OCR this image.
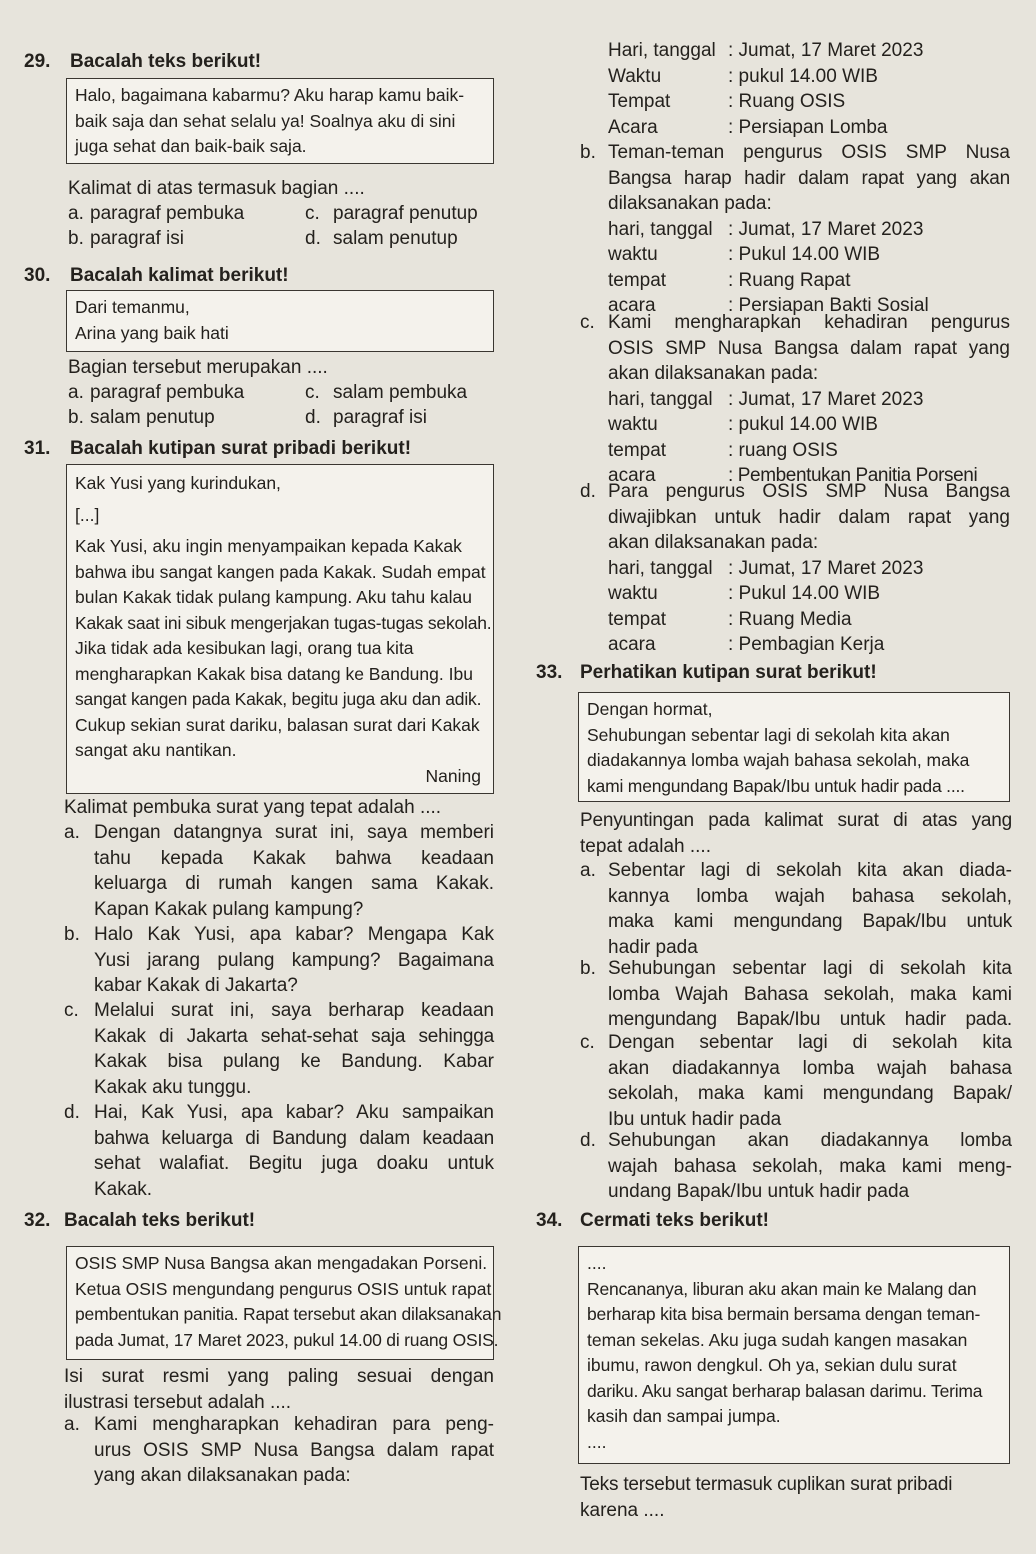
29. Bacalah teks berikut!
Halo, bagaimana kabarmu? Aku harap kamu baik-
baik saja dan sehat selalu ya! Soalnya aku di sini
juga sehat dan baik-baik saja.
Kalimat di atas termasuk bagian ....
a. paragraf pembuka	c. paragraf penutup
b. paragraf isi	d. salam penutup
30. Bacalah kalimat berikut!
Dari temanmu,
Arina yang baik hati
Bagian tersebut merupakan ....
a. paragraf pembuka	c. salam pembuka
b. salam penutup	d. paragraf isi
31. Bacalah kutipan surat pribadi berikut!
Kak Yusi yang kurindukan,
[...]
Kak Yusi, aku ingin menyampaikan kepada Kakak
bahwa ibu sangat kangen pada Kakak. Sudah empat
bulan Kakak tidak pulang kampung. Aku tahu kalau
Kakak saat ini sibuk mengerjakan tugas-tugas sekolah.
Jika tidak ada kesibukan lagi, orang tua kita
mengharapkan Kakak bisa datang ke Bandung. Ibu
sangat kangen pada Kakak, begitu juga aku dan adik.
Cukup sekian surat dariku, balasan surat dari Kakak
sangat aku nantikan.
Naning
Kalimat pembuka surat yang tepat adalah ....
a. Dengan datangnya surat ini, saya memberi
tahu kepada Kakak bahwa keadaan
keluarga di rumah kangen sama Kakak.
Kapan Kakak pulang kampung?
b. Halo Kak Yusi, apa kabar? Mengapa Kak
Yusi jarang pulang kampung? Bagaimana
kabar Kakak di Jakarta?
c. Melalui surat ini, saya berharap keadaan
Kakak di Jakarta sehat-sehat saja sehingga
Kakak bisa pulang ke Bandung. Kabar
Kakak aku tunggu.
d. Hai, Kak Yusi, apa kabar? Aku sampaikan
bahwa keluarga di Bandung dalam keadaan
sehat walafiat. Begitu juga doaku untuk
Kakak.
32. Bacalah teks berikut!
OSIS SMP Nusa Bangsa akan mengadakan Porseni.
Ketua OSIS mengundang pengurus OSIS untuk rapat
pembentukan panitia. Rapat tersebut akan dilaksanakan
pada Jumat, 17 Maret 2023, pukul 14.00 di ruang OSIS.
Isi surat resmi yang paling sesuai dengan
ilustrasi tersebut adalah ....
a. Kami mengharapkan kehadiran para peng-
urus OSIS SMP Nusa Bangsa dalam rapat
yang akan dilaksanakan pada:
Hari, tanggal : Jumat, 17 Maret 2023
Waktu	: pukul 14.00 WIB
Tempat	: Ruang OSIS
Acara	: Persiapan Lomba
b. Teman-teman pengurus OSIS SMP Nusa
Bangsa harap hadir dalam rapat yang akan
dilaksanakan pada:
hari, tanggal : Jumat, 17 Maret 2023
waktu	: Pukul 14.00 WIB
tempat	: Ruang Rapat
acara	: Persiapan Bakti Sosial
c. Kami mengharapkan kehadiran pengurus
OSIS SMP Nusa Bangsa dalam rapat yang
akan dilaksanakan pada:
hari, tanggal : Jumat, 17 Maret 2023
waktu	: pukul 14.00 WIB
tempat	: ruang OSIS
acara	: Pembentukan Panitia Porseni
d. Para pengurus OSIS SMP Nusa Bangsa
diwajibkan untuk hadir dalam rapat yang
akan dilaksanakan pada:
hari, tanggal : Jumat, 17 Maret 2023
waktu	: Pukul 14.00 WIB
tempat	: Ruang Media
acara	: Pembagian Kerja
33. Perhatikan kutipan surat berikut!
Dengan hormat,
Sehubungan sebentar lagi di sekolah kita akan
diadakannya lomba wajah bahasa sekolah, maka
kami mengundang Bapak/Ibu untuk hadir pada ....
Penyuntingan pada kalimat surat di atas yang
tepat adalah ....
a. Sebentar lagi di sekolah kita akan diada-
kannya lomba wajah bahasa sekolah,
maka kami mengundang Bapak/Ibu untuk
hadir pada
b. Sehubungan sebentar lagi di sekolah kita
lomba Wajah Bahasa sekolah, maka kami
mengundang Bapak/Ibu untuk hadir pada.
c. Dengan sebentar lagi di sekolah kita
akan diadakannya lomba wajah bahasa
sekolah, maka kami mengundang Bapak/
Ibu untuk hadir pada
d. Sehubungan akan diadakannya lomba
wajah bahasa sekolah, maka kami meng-
undang Bapak/Ibu untuk hadir pada
34. Cermati teks berikut!
....
Rencananya, liburan aku akan main ke Malang dan
berharap kita bisa bermain bersama dengan teman-
teman sekelas. Aku juga sudah kangen masakan
ibumu, rawon dengkul. Oh ya, sekian dulu surat
dariku. Aku sangat berharap balasan darimu. Terima
kasih dan sampai jumpa.
....
Teks tersebut termasuk cuplikan surat pribadi
karena ....
